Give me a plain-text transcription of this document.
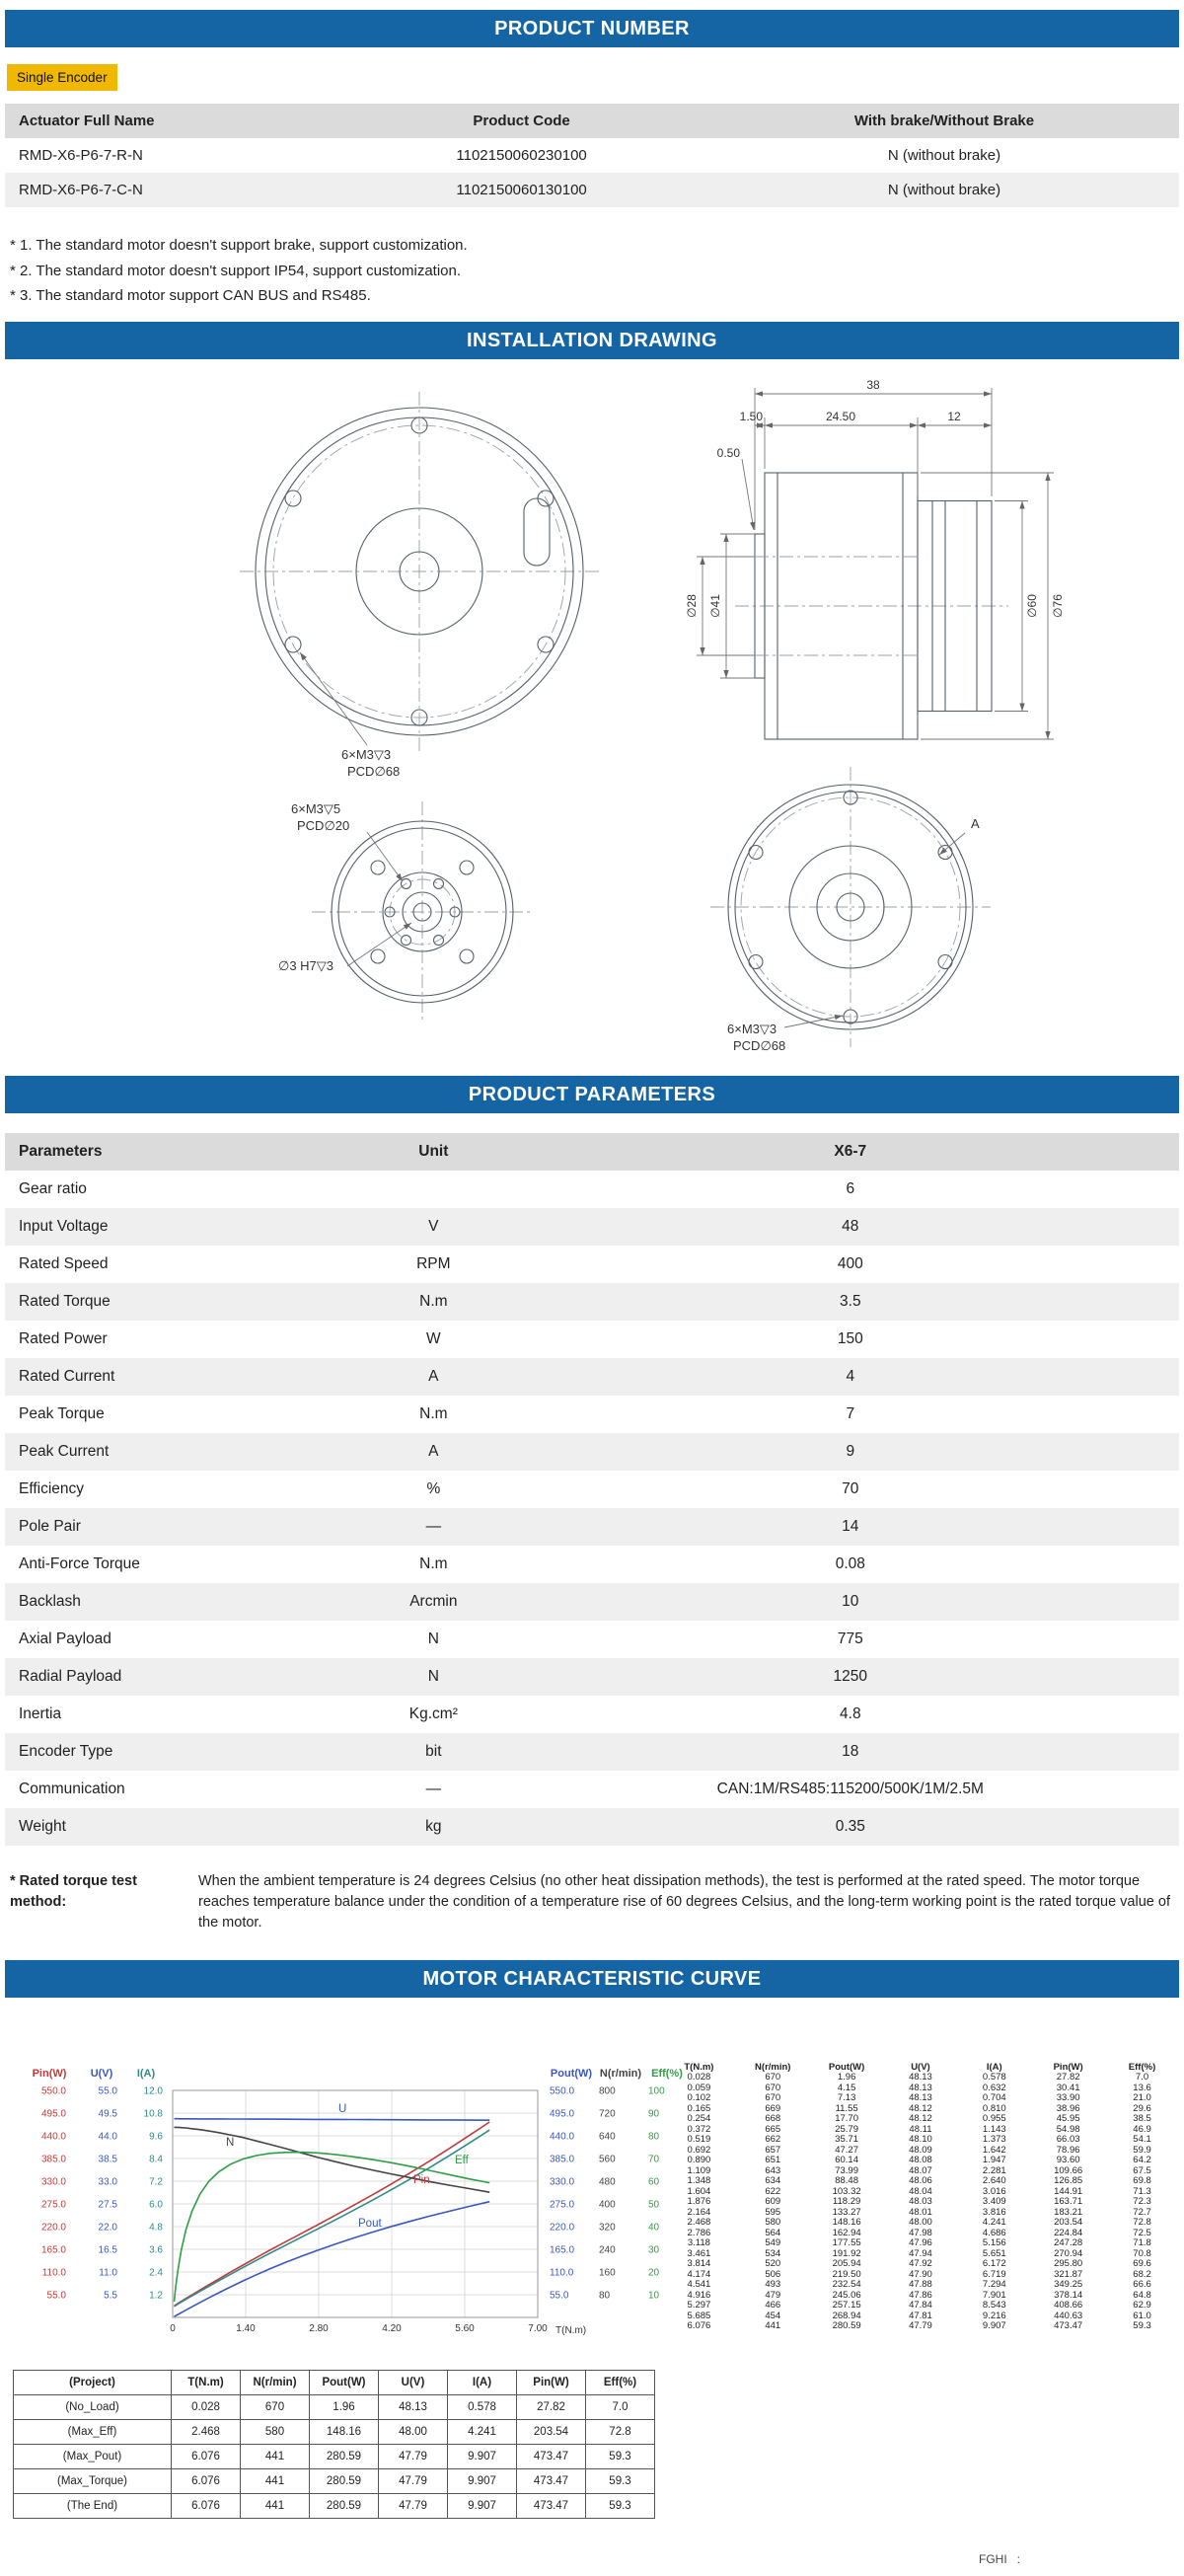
PRODUCT NUMBER
Single Encoder
Actuator Full Name	Product Code	With brake/Without Brake
RMD-X6-P6-7-R-N	1102150060230100	N (without brake)
RMD-X6-P6-7-C-N	1102150060130100	N (without brake)
* 1. The standard motor doesn't support brake, support customization.
* 2. The standard motor doesn't support IP54, support customization.
* 3. The standard motor support CAN BUS and RS485.
INSTALLATION DRAWING
6×M3▽3
PCD∅68
38
1.50	24.50	12
0.50
∅41
∅28	∅60 ∅76
6×M3▽5
PCD∅20
∅3 H7▽3
6×M3▽3
PCD∅68
A
PRODUCT PARAMETERS
Parameters	Unit	X6-7
Gear ratio		6
Input Voltage	V	48
Rated Speed	RPM	400
Rated Torque	N.m	3.5
Rated Power	W	150
Rated Current	A	4
Peak Torque	N.m	7
Peak Current	A	9
Efficiency	%	70
Pole Pair	—	14
Anti-Force Torque	N.m	0.08
Backlash	Arcmin	10
Axial Payload	N	775
Radial Payload	N	1250
Inertia	Kg.cm²	4.8
Encoder Type	bit	18
Communication	—	CAN:1M/RS485:115200/500K/1M/2.5M
Weight	kg	0.35
* Rated torque test method:
When the ambient temperature is 24 degrees Celsius (no other heat dissipation methods), the test is performed at the rated speed. The motor torque reaches temperature balance under the condition of a temperature rise of 60 degrees Celsius, and the long-term working point is the rated torque value of the motor.
MOTOR CHARACTERISTIC CURVE
Pin(W)
550.0
495.0
440.0
385.0
330.0
275.0
220.0
165.0
110.0
55.0
U(V)
55.0
49.5
44.0
38.5
33.0
27.5
22.0
16.5
11.0
5.5
I(A)
12.0
10.8
9.6
8.4
7.2
6.0
4.8
3.6
2.4
1.2
Pout(W)
550.0
495.0
440.0
385.0
330.0
275.0
220.0
165.0
110.0
55.0
N(r/min)
800
720
640
560
480
400
320
240
160
80
Eff(%)
100
90
80
70
60
50
40
30
20
10
0	1.40	2.80	4.20	5.60	7.00 T(N.m)
U
N
Pin
Eff
Pout
T(N.m)	N(r/min)	Pout(W)	U(V)	I(A)	Pin(W)	Eff(%)
0.028	670	1.96	48.13	0.578	27.82	7.0
0.059	670	4.15	48.13	0.632	30.41	13.6
0.102	670	7.13	48.13	0.704	33.90	21.0
0.165	669	11.55	48.12	0.810	38.96	29.6
0.254	668	17.70	48.12	0.955	45.95	38.5
0.372	665	25.79	48.11	1.143	54.98	46.9
0.519	662	35.71	48.10	1.373	66.03	54.1
0.692	657	47.27	48.09	1.642	78.96	59.9
0.890	651	60.14	48.08	1.947	93.60	64.2
1.109	643	73.99	48.07	2.281	109.66	67.5
1.348	634	88.48	48.06	2.640	126.85	69.8
1.604	622	103.32	48.04	3.016	144.91	71.3
1.876	609	118.29	48.03	3.409	163.71	72.3
2.164	595	133.27	48.01	3.816	183.21	72.7
2.468	580	148.16	48.00	4.241	203.54	72.8
2.786	564	162.94	47.98	4.686	224.84	72.5
3.118	549	177.55	47.96	5.156	247.28	71.8
3.461	534	191.92	47.94	5.651	270.94	70.8
3.814	520	205.94	47.92	6.172	295.80	69.6
4.174	506	219.50	47.90	6.719	321.87	68.2
4.541	493	232.54	47.88	7.294	349.25	66.6
4.916	479	245.06	47.86	7.901	378.14	64.8
5.297	466	257.15	47.84	8.543	408.66	62.9
5.685	454	268.94	47.81	9.216	440.63	61.0
6.076	441	280.59	47.79	9.907	473.47	59.3
(Project)	T(N.m)	N(r/min)	Pout(W)	U(V)	I(A)	Pin(W)	Eff(%)
(No_Load)	0.028	670	1.96	48.13	0.578	27.82	7.0
(Max_Eff)	2.468	580	148.16	48.00	4.241	203.54	72.8
(Max_Pout)	6.076	441	280.59	47.79	9.907	473.47	59.3
(Max_Torque)	6.076	441	280.59	47.79	9.907	473.47	59.3
(The End)	6.076	441	280.59	47.79	9.907	473.47	59.3
FGHI   :
